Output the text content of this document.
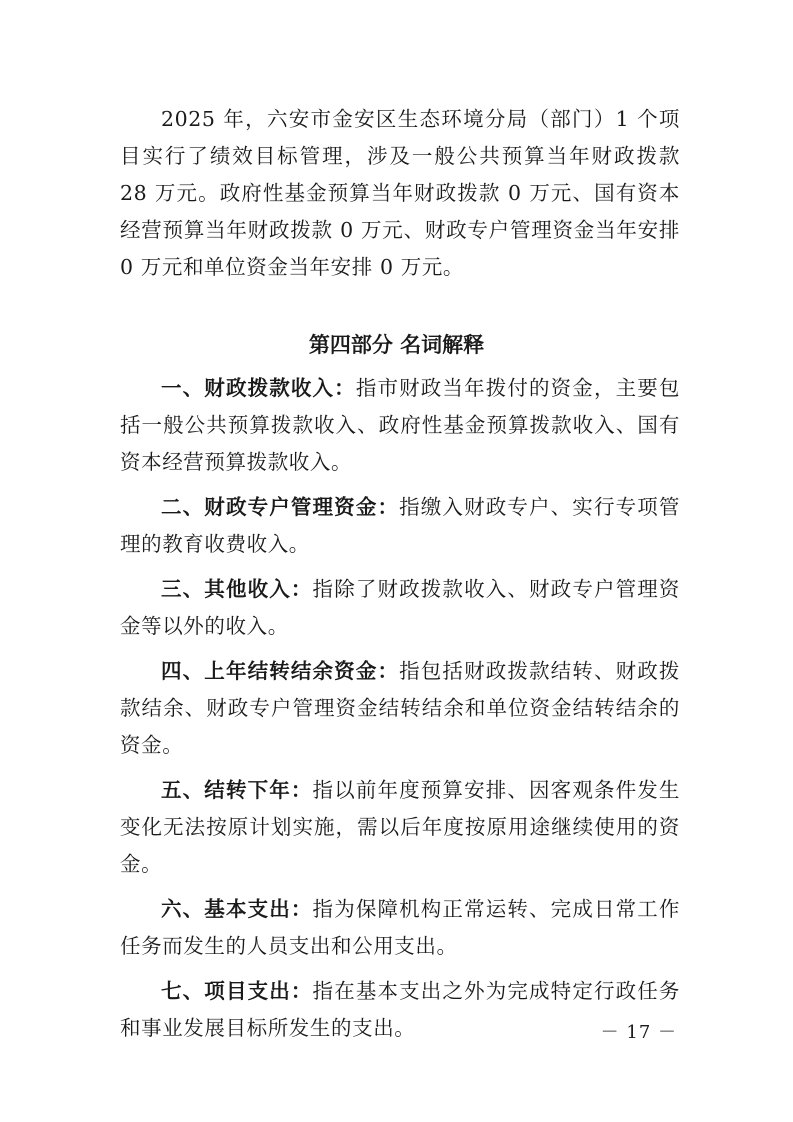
2025 年，六安市金安区生态环境分局（部门）1 个项目实行了绩效目标管理，涉及一般公共预算当年财政拨款 28 万元。政府性基金预算当年财政拨款 0 万元、国有资本经营预算当年财政拨款 0 万元、财政专户管理资金当年安排 0 万元和单位资金当年安排 0 万元。

第四部分 名词解释

一、财政拨款收入：指市财政当年拨付的资金，主要包括一般公共预算拨款收入、政府性基金预算拨款收入、国有资本经营预算拨款收入。

二、财政专户管理资金：指缴入财政专户、实行专项管理的教育收费收入。

三、其他收入：指除了财政拨款收入、财政专户管理资金等以外的收入。

四、上年结转结余资金：指包括财政拨款结转、财政拨款结余、财政专户管理资金结转结余和单位资金结转结余的资金。

五、结转下年：指以前年度预算安排、因客观条件发生变化无法按原计划实施，需以后年度按原用途继续使用的资金。

六、基本支出：指为保障机构正常运转、完成日常工作任务而发生的人员支出和公用支出。

七、项目支出：指在基本支出之外为完成特定行政任务和事业发展目标所发生的支出。	－ 17 －
